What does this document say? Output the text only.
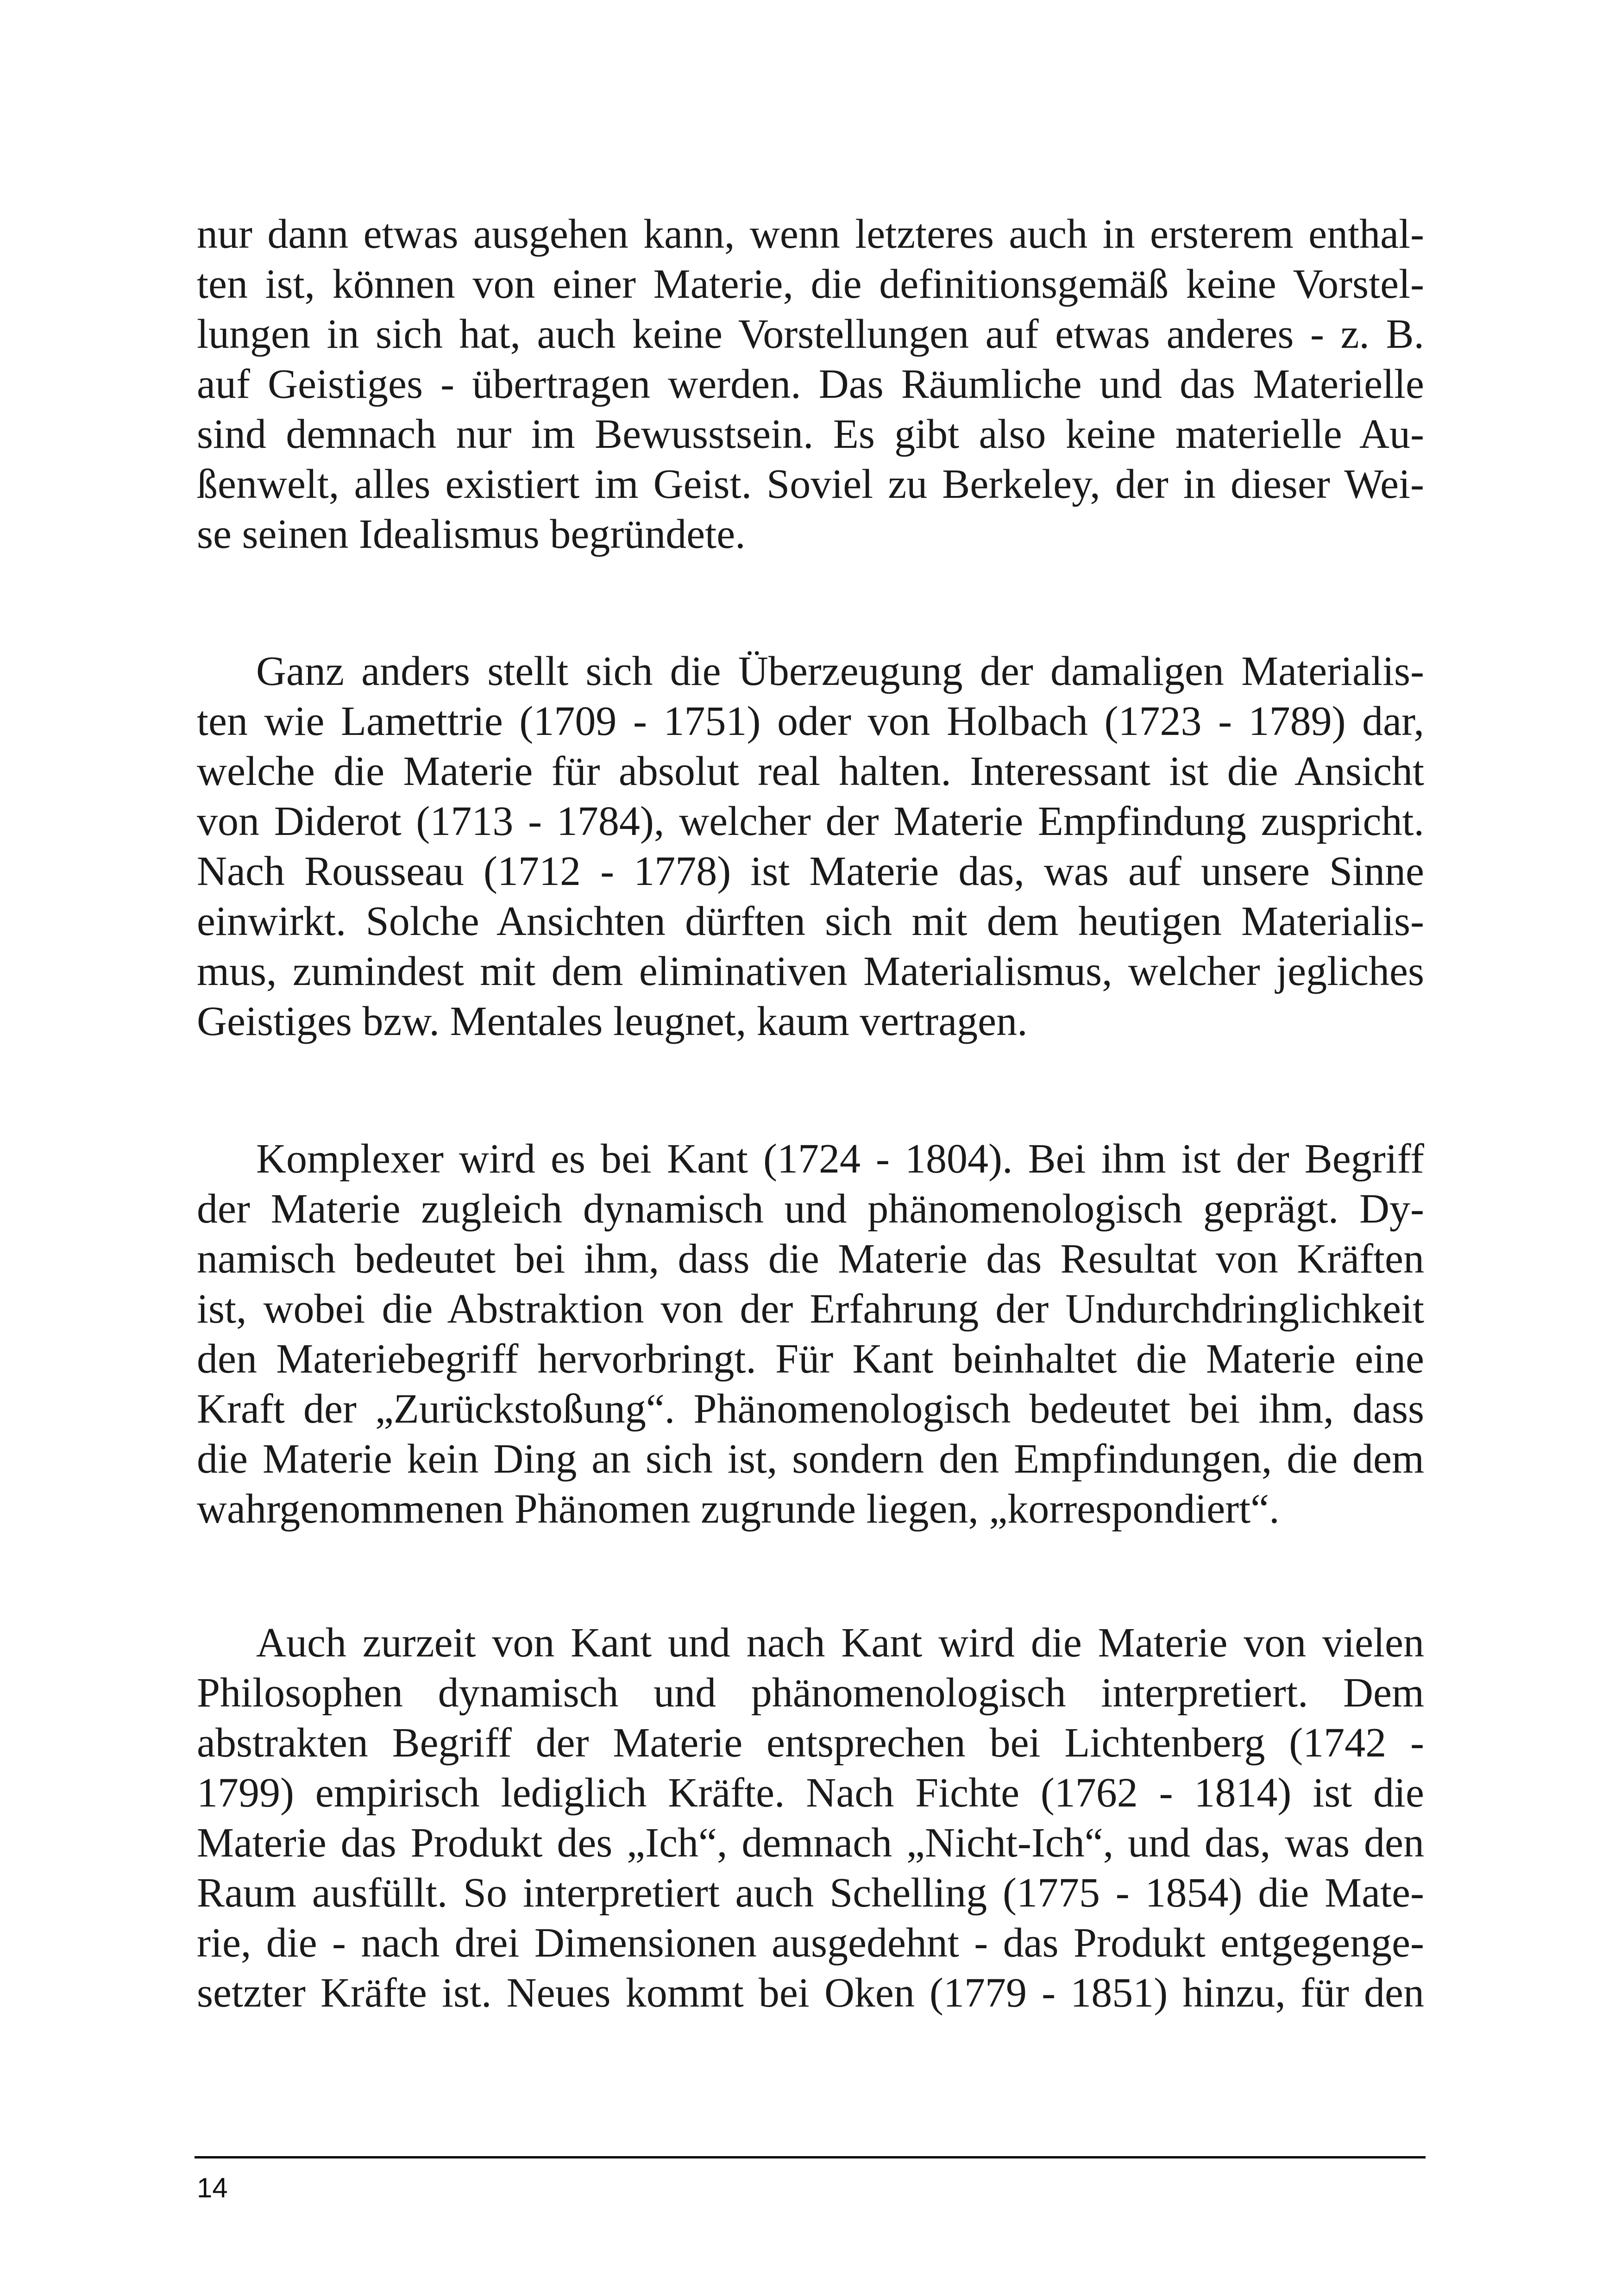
nur dann etwas ausgehen kann, wenn letzteres auch in ersterem enthal-
ten ist, können von einer Materie, die definitionsgemäß keine Vorstel-
lungen in sich hat, auch keine Vorstellungen auf etwas anderes - z. B.
auf Geistiges - übertragen werden. Das Räumliche und das Materielle
sind demnach nur im Bewusstsein. Es gibt also keine materielle Au-
ßenwelt, alles existiert im Geist. Soviel zu Berkeley, der in dieser Wei-
se seinen Idealismus begründete.
Ganz anders stellt sich die Überzeugung der damaligen Materialis-
ten wie Lamettrie (1709 - 1751) oder von Holbach (1723 - 1789) dar,
welche die Materie für absolut real halten. Interessant ist die Ansicht
von Diderot (1713 - 1784), welcher der Materie Empfindung zuspricht.
Nach Rousseau (1712 - 1778) ist Materie das, was auf unsere Sinne
einwirkt. Solche Ansichten dürften sich mit dem heutigen Materialis-
mus, zumindest mit dem eliminativen Materialismus, welcher jegliches
Geistiges bzw. Mentales leugnet, kaum vertragen.
Komplexer wird es bei Kant (1724 - 1804). Bei ihm ist der Begriff
der Materie zugleich dynamisch und phänomenologisch geprägt. Dy-
namisch bedeutet bei ihm, dass die Materie das Resultat von Kräften
ist, wobei die Abstraktion von der Erfahrung der Undurchdringlichkeit
den Materiebegriff hervorbringt. Für Kant beinhaltet die Materie eine
Kraft der „Zurückstoßung“. Phänomenologisch bedeutet bei ihm, dass
die Materie kein Ding an sich ist, sondern den Empfindungen, die dem
wahrgenommenen Phänomen zugrunde liegen, „korrespondiert“.
Auch zurzeit von Kant und nach Kant wird die Materie von vielen
Philosophen dynamisch und phänomenologisch interpretiert. Dem
abstrakten Begriff der Materie entsprechen bei Lichtenberg (1742 -
1799) empirisch lediglich Kräfte. Nach Fichte (1762 - 1814) ist die
Materie das Produkt des „Ich“, demnach „Nicht-Ich“, und das, was den
Raum ausfüllt. So interpretiert auch Schelling (1775 - 1854) die Mate-
rie, die - nach drei Dimensionen ausgedehnt - das Produkt entgegenge-
setzter Kräfte ist. Neues kommt bei Oken (1779 - 1851) hinzu, für den
14
